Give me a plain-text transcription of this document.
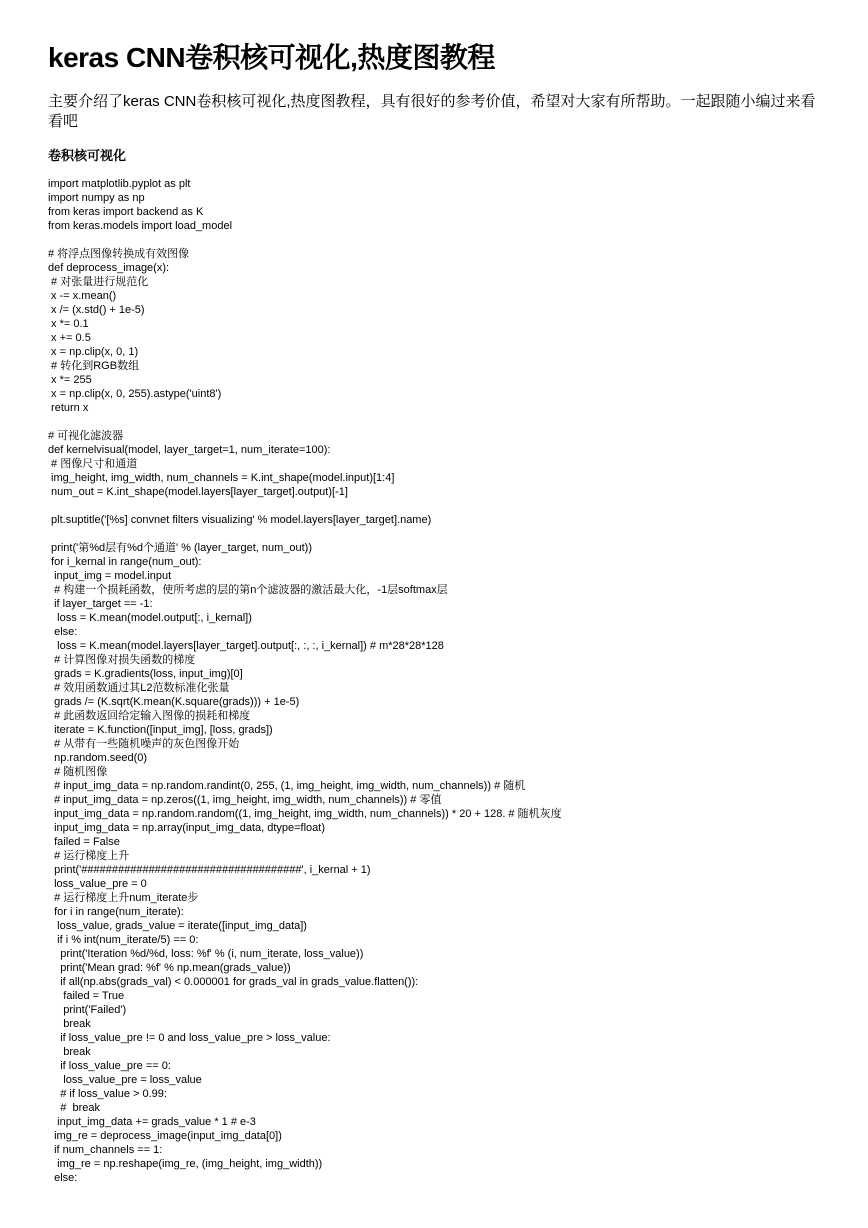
keras CNN卷积核可视化,热度图教程

主要介绍了keras CNN卷积核可视化,热度图教程，具有很好的参考价值，希望对大家有所帮助。一起跟随小编过来看看吧

卷积核可视化
import matplotlib.pyplot as plt
import numpy as np
from keras import backend as K
from keras.models import load_model
# 将浮点图像转换成有效图像
def deprocess_image(x):
# 对张量进行规范化
x -= x.mean()
x /= (x.std() + 1e-5)
x *= 0.1
x += 0.5
x = np.clip(x, 0, 1)
# 转化到RGB数组
x *= 255
x = np.clip(x, 0, 255).astype('uint8')
return x
# 可视化滤波器
def kernelvisual(model, layer_target=1, num_iterate=100):
# 图像尺寸和通道
img_height, img_width, num_channels = K.int_shape(model.input)[1:4]
num_out = K.int_shape(model.layers[layer_target].output)[-1]
plt.suptitle('[%s] convnet filters visualizing' % model.layers[layer_target].name)
print('第%d层有%d个通道' % (layer_target, num_out))
for i_kernal in range(num_out):
input_img = model.input
# 构建一个损耗函数，使所考虑的层的第n个滤波器的激活最大化，-1层softmax层
if layer_target == -1:
loss = K.mean(model.output[:, i_kernal])
else:
loss = K.mean(model.layers[layer_target].output[:, :, :, i_kernal]) # m*28*28*128
# 计算图像对损失函数的梯度
grads = K.gradients(loss, input_img)[0]
# 效用函数通过其L2范数标准化张量
grads /= (K.sqrt(K.mean(K.square(grads))) + 1e-5)
# 此函数返回给定输入图像的损耗和梯度
iterate = K.function([input_img], [loss, grads])
# 从带有一些随机噪声的灰色图像开始
np.random.seed(0)
# 随机图像
# input_img_data = np.random.randint(0, 255, (1, img_height, img_width, num_channels)) # 随机
# input_img_data = np.zeros((1, img_height, img_width, num_channels)) # 零值
input_img_data = np.random.random((1, img_height, img_width, num_channels)) * 20 + 128. # 随机灰度
input_img_data = np.array(input_img_data, dtype=float)
failed = False
# 运行梯度上升
print('####################################', i_kernal + 1)
loss_value_pre = 0
# 运行梯度上升num_iterate步
for i in range(num_iterate):
loss_value, grads_value = iterate([input_img_data])
if i % int(num_iterate/5) == 0:
print('Iteration %d/%d, loss: %f' % (i, num_iterate, loss_value))
print('Mean grad: %f' % np.mean(grads_value))
if all(np.abs(grads_val) < 0.000001 for grads_val in grads_value.flatten()):
failed = True
print('Failed')
break
if loss_value_pre != 0 and loss_value_pre > loss_value:
break
if loss_value_pre == 0:
loss_value_pre = loss_value
# if loss_value > 0.99:
#  break
input_img_data += grads_value * 1 # e-3
img_re = deprocess_image(input_img_data[0])
if num_channels == 1:
img_re = np.reshape(img_re, (img_height, img_width))
else:
